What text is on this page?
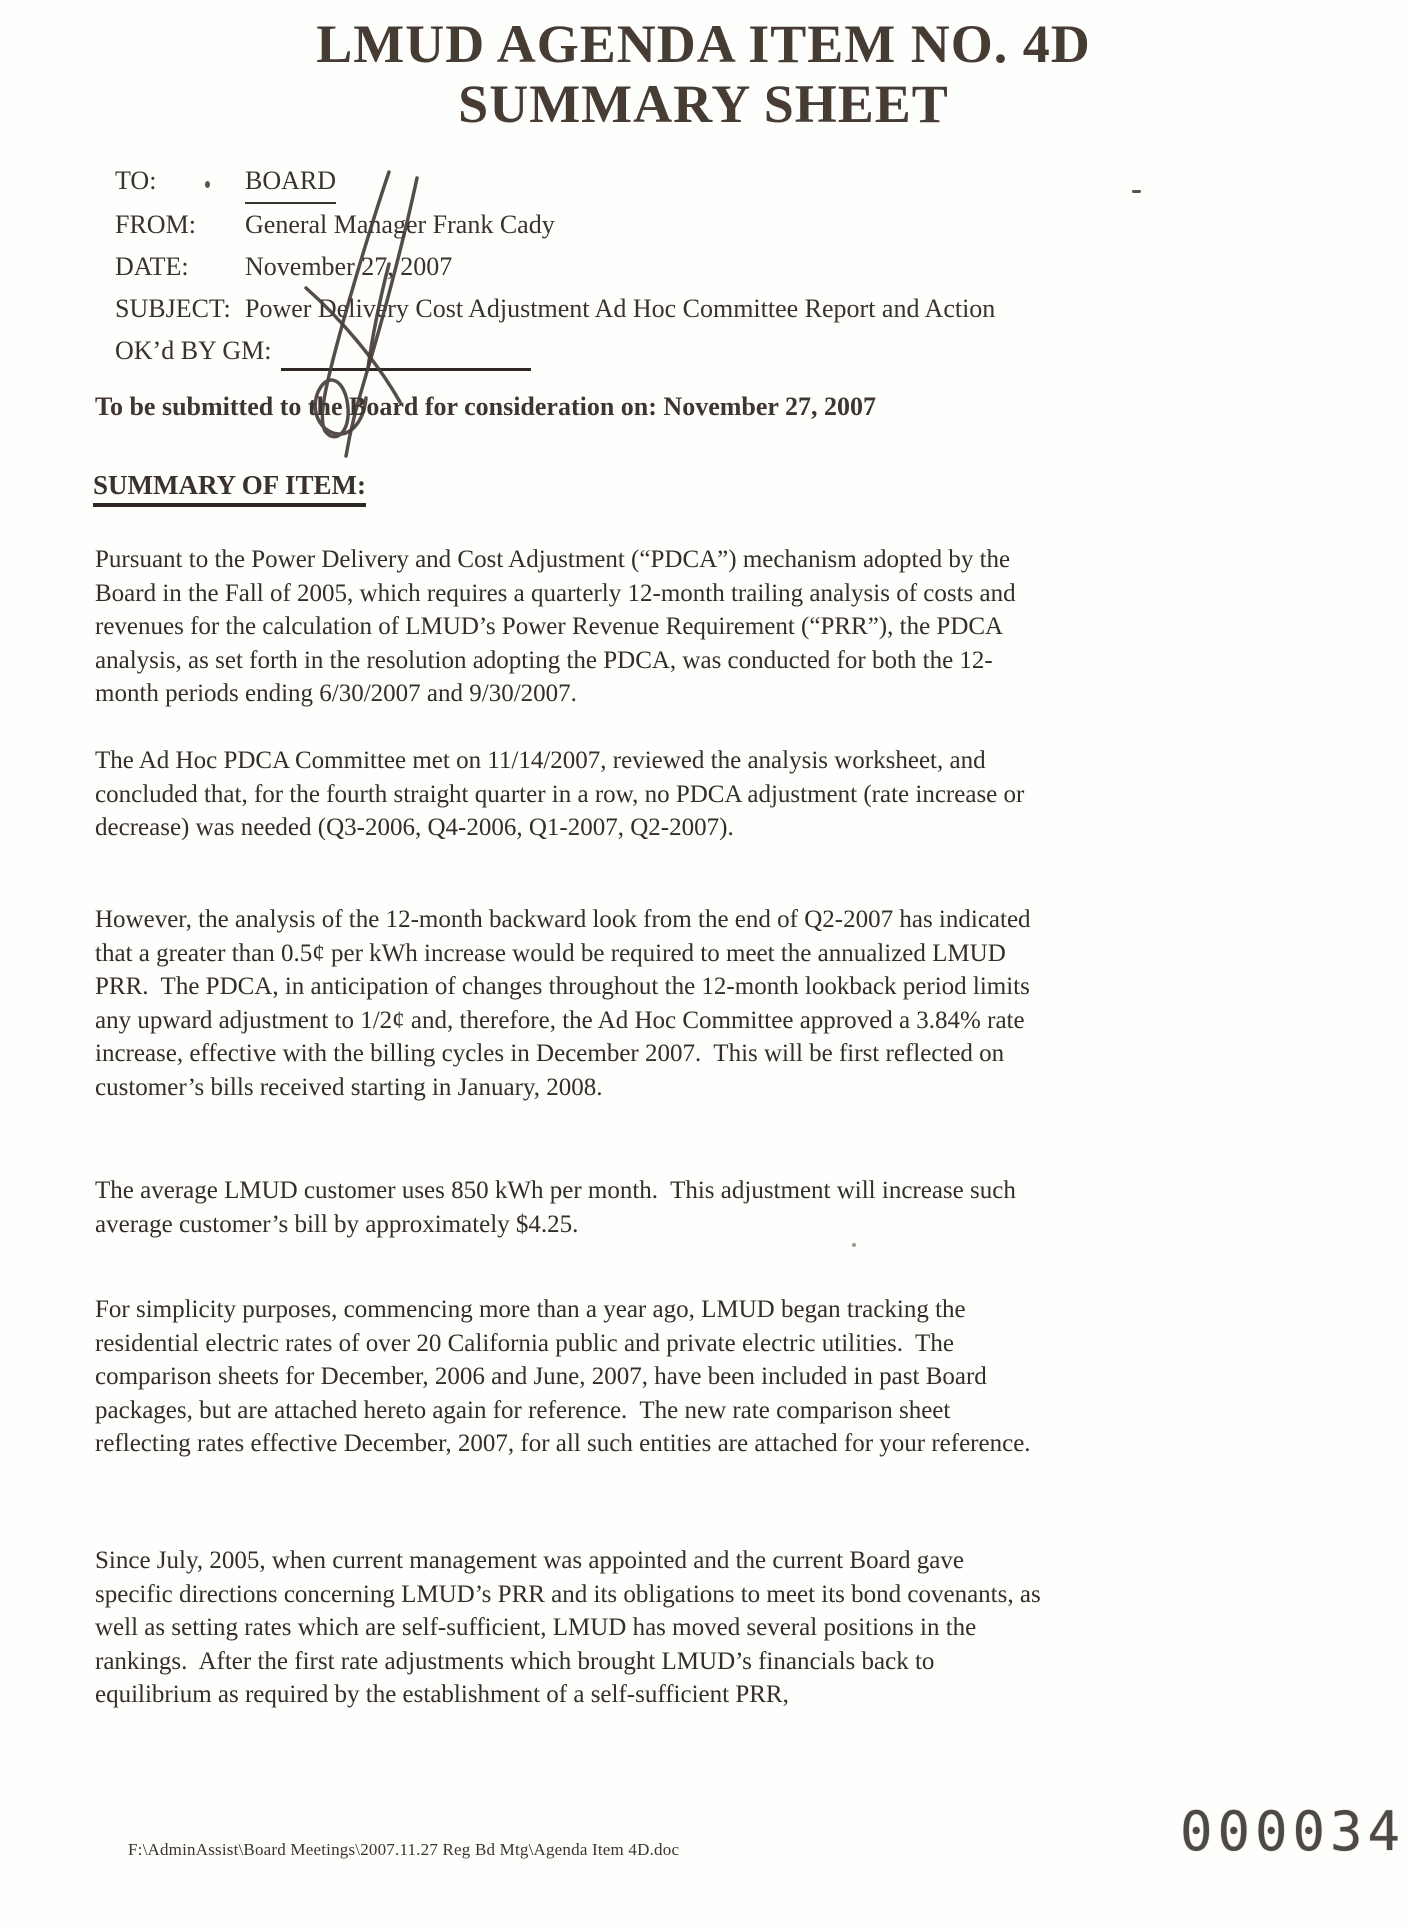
LMUD AGENDA ITEM NO. 4D
SUMMARY SHEET
TO:	BOARD
FROM: General Manager Frank Cady
DATE: November 27, 2007
SUBJECT: Power Delivery Cost Adjustment Ad Hoc Committee Report and Action
OK’d BY GM:

To be submitted to the Board for consideration on: November 27, 2007

SUMMARY OF ITEM:

Pursuant to the Power Delivery and Cost Adjustment (“PDCA”) mechanism adopted by the Board in the Fall of 2005, which requires a quarterly 12-month trailing analysis of costs and revenues for the calculation of LMUD’s Power Revenue Requirement (“PRR”), the PDCA analysis, as set forth in the resolution adopting the PDCA, was conducted for both the 12-month periods ending 6/30/2007 and 9/30/2007.

The Ad Hoc PDCA Committee met on 11/14/2007, reviewed the analysis worksheet, and concluded that, for the fourth straight quarter in a row, no PDCA adjustment (rate increase or decrease) was needed (Q3-2006, Q4-2006, Q1-2007, Q2-2007).

However, the analysis of the 12-month backward look from the end of Q2-2007 has indicated that a greater than 0.5¢ per kWh increase would be required to meet the annualized LMUD PRR.  The PDCA, in anticipation of changes throughout the 12-month lookback period limits any upward adjustment to 1/2¢ and, therefore, the Ad Hoc Committee approved a 3.84% rate increase, effective with the billing cycles in December 2007.  This will be first reflected on customer’s bills received starting in January, 2008.

The average LMUD customer uses 850 kWh per month.  This adjustment will increase such average customer’s bill by approximately $4.25.

For simplicity purposes, commencing more than a year ago, LMUD began tracking the residential electric rates of over 20 California public and private electric utilities.  The comparison sheets for December, 2006 and June, 2007, have been included in past Board packages, but are attached hereto again for reference.  The new rate comparison sheet reflecting rates effective December, 2007, for all such entities are attached for your reference.

Since July, 2005, when current management was appointed and the current Board gave specific directions concerning LMUD’s PRR and its obligations to meet its bond covenants, as well as setting rates which are self-sufficient, LMUD has moved several positions in the rankings.  After the first rate adjustments which brought LMUD’s financials back to equilibrium as required by the establishment of a self-sufficient PRR,

F:\AdminAssist\Board Meetings\2007.11.27 Reg Bd Mtg\Agenda Item 4D.doc	000034
